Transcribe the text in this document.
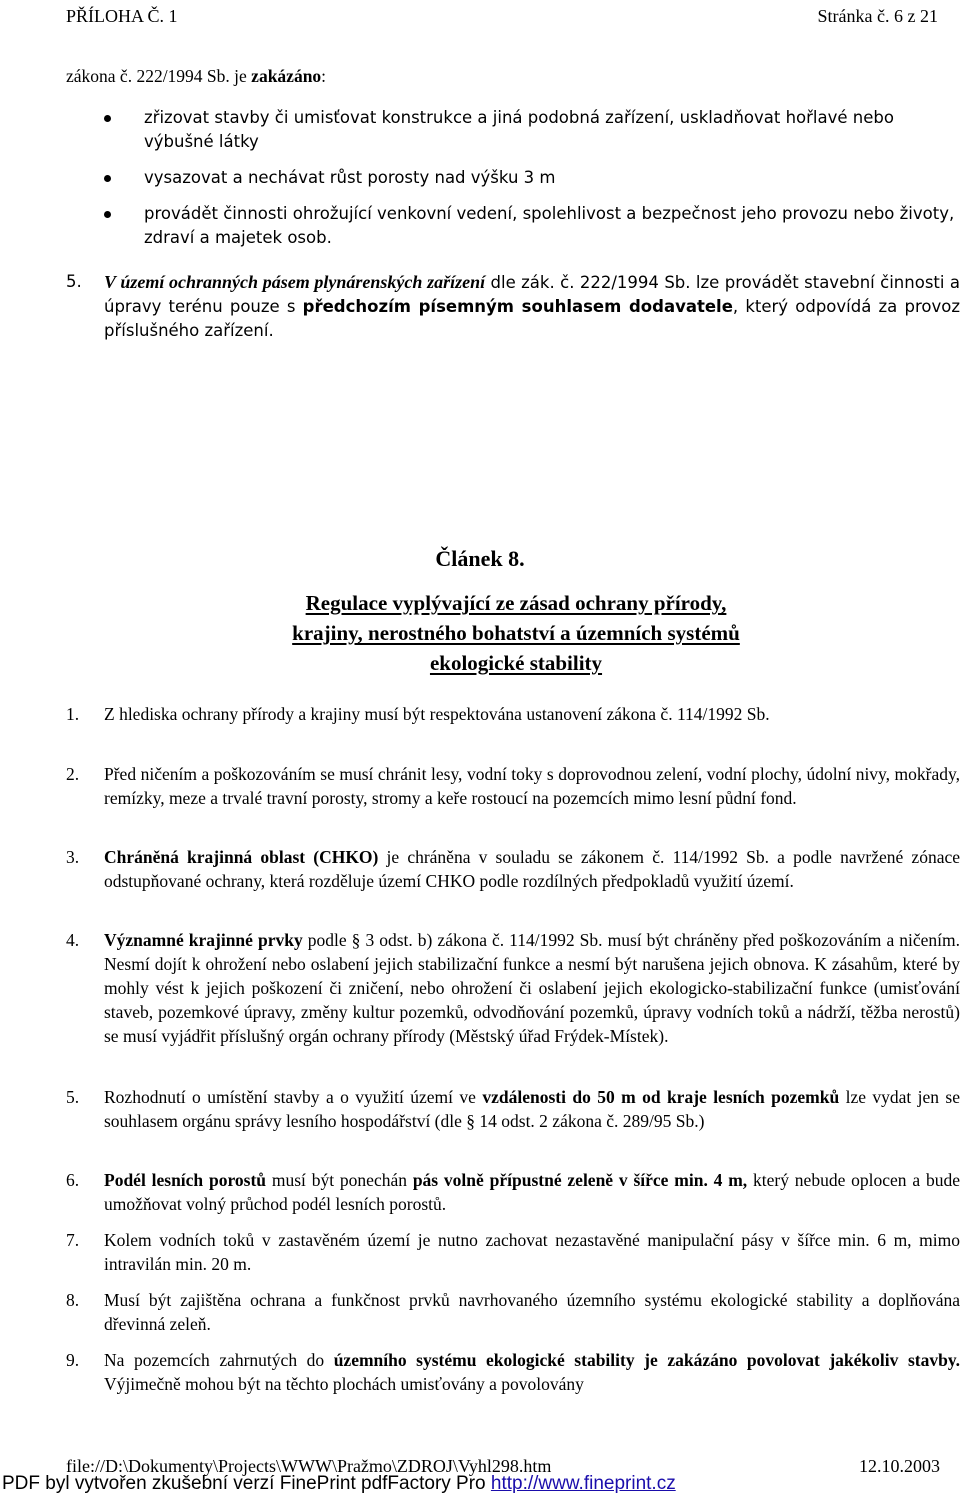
PŘÍLOHA Č. 1	Stránka č. 6 z 21
zákona č. 222/1994 Sb. je zakázáno:
zřizovat stavby či umisťovat konstrukce a jiná podobná zařízení, uskladňovat hořlavé nebo výbušné látky
vysazovat a nechávat růst porosty nad výšku 3 m
provádět činnosti ohrožující venkovní vedení, spolehlivost a bezpečnost jeho provozu nebo životy, zdraví a majetek osob.
5. V území ochranných pásem plynárenských zařízení dle zák. č. 222/1994 Sb. lze provádět stavební činnosti a úpravy terénu pouze s předchozím písemným souhlasem dodavatele, který odpovídá za provoz příslušného zařízení.
Článek 8.
Regulace vyplývající ze zásad ochrany přírody,
krajiny, nerostného bohatství a územních systémů
ekologické stability
1. Z hlediska ochrany přírody a krajiny musí být respektována ustanovení zákona č. 114/1992 Sb.
2. Před ničením a poškozováním se musí chránit lesy, vodní toky s doprovodnou zelení, vodní plochy, údolní nivy, mokřady, remízky, meze a trvalé travní porosty, stromy a keře rostoucí na pozemcích mimo lesní půdní fond.
3. Chráněná krajinná oblast (CHKO) je chráněna v souladu se zákonem č. 114/1992 Sb. a podle navržené zónace odstupňované ochrany, která rozděluje území CHKO podle rozdílných předpokladů využití území.
4. Významné krajinné prvky podle § 3 odst. b) zákona č. 114/1992 Sb. musí být chráněny před poškozováním a ničením. Nesmí dojít k ohrožení nebo oslabení jejich stabilizační funkce a nesmí být narušena jejich obnova. K zásahům, které by mohly vést k jejich poškození či zničení, nebo ohrožení či oslabení jejich ekologicko-stabilizační funkce (umisťování staveb, pozemkové úpravy, změny kultur pozemků, odvodňování pozemků, úpravy vodních toků a nádrží, těžba nerostů) se musí vyjádřit příslušný orgán ochrany přírody (Městský úřad Frýdek-Místek).
5. Rozhodnutí o umístění stavby a o využití území ve vzdálenosti do 50 m od kraje lesních pozemků lze vydat jen se souhlasem orgánu správy lesního hospodářství (dle § 14 odst. 2 zákona č. 289/95 Sb.)
6. Podél lesních porostů musí být ponechán pás volně přípustné zeleně v šířce min. 4 m, který nebude oplocen a bude umožňovat volný průchod podél lesních porostů.
7. Kolem vodních toků v zastavěném území je nutno zachovat nezastavěné manipulační pásy v šířce min. 6 m, mimo intravilán min. 20 m.
8. Musí být zajištěna ochrana a funkčnost prvků navrhovaného územního systému ekologické stability a doplňována dřevinná zeleň.
9. Na pozemcích zahrnutých do územního systému ekologické stability je zakázáno povolovat jakékoliv stavby. Výjimečně mohou být na těchto plochách umisťovány a povolovány
file://D:\Dokumenty\Projects\WWW\Pražmo\ZDROJ\Vyhl298.htm	12.10.2003
PDF byl vytvořen zkušební verzí FinePrint pdfFactory Pro http://www.fineprint.cz
